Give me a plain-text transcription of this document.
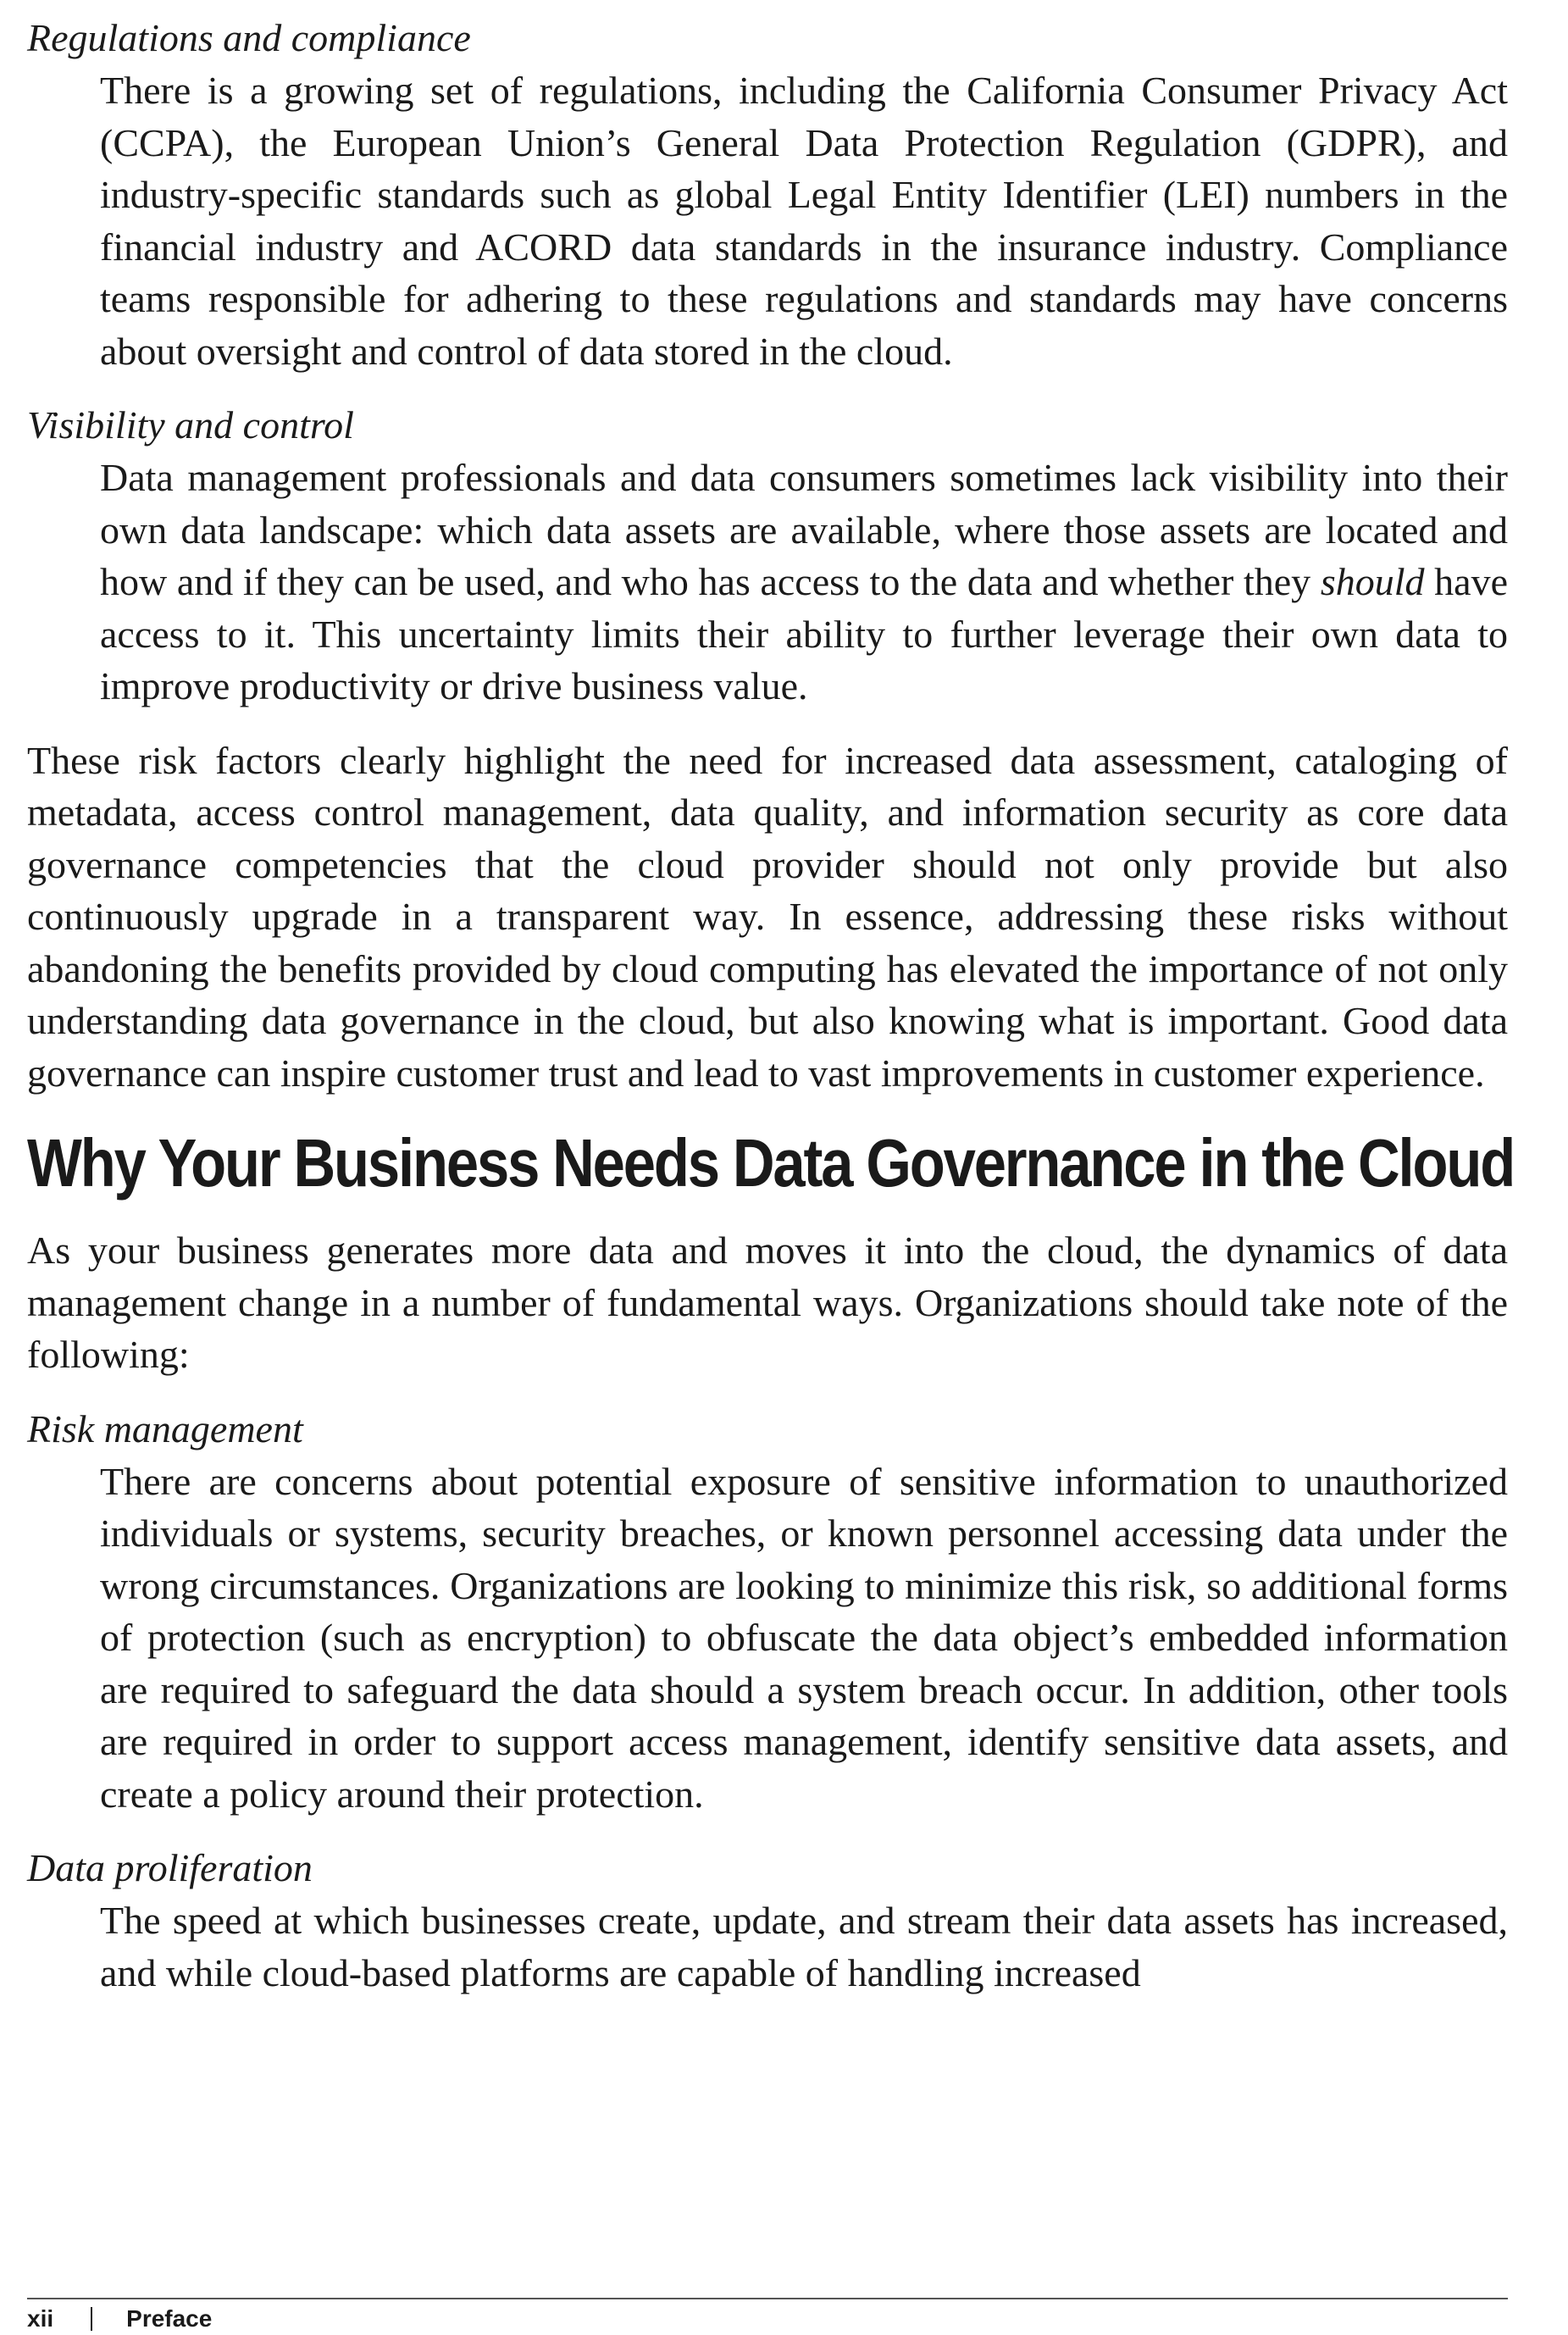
Regulations and compliance

There is a growing set of regulations, including the California Consumer Privacy Act (CCPA), the European Union’s General Data Protection Regulation (GDPR), and industry-specific standards such as global Legal Entity Identifier (LEI) numbers in the financial industry and ACORD data standards in the insurance industry. Compliance teams responsible for adhering to these regulations and standards may have concerns about oversight and control of data stored in the cloud.

Visibility and control

Data management professionals and data consumers sometimes lack visibility into their own data landscape: which data assets are available, where those assets are located and how and if they can be used, and who has access to the data and whether they should have access to it. This uncertainty limits their ability to further leverage their own data to improve productivity or drive business value.

These risk factors clearly highlight the need for increased data assessment, cataloging of metadata, access control management, data quality, and information security as core data governance competencies that the cloud provider should not only provide but also continuously upgrade in a transparent way. In essence, addressing these risks without abandoning the benefits provided by cloud computing has elevated the importance of not only understanding data governance in the cloud, but also knowing what is important. Good data governance can inspire customer trust and lead to vast improvements in customer experience.

Why Your Business Needs Data Governance in the Cloud

As your business generates more data and moves it into the cloud, the dynamics of data management change in a number of fundamental ways. Organizations should take note of the following:

Risk management

There are concerns about potential exposure of sensitive information to unauthorized individuals or systems, security breaches, or known personnel accessing data under the wrong circumstances. Organizations are looking to minimize this risk, so additional forms of protection (such as encryption) to obfuscate the data object’s embedded information are required to safeguard the data should a system breach occur. In addition, other tools are required in order to support access management, identify sensitive data assets, and create a policy around their protection.

Data proliferation

The speed at which businesses create, update, and stream their data assets has increased, and while cloud-based platforms are capable of handling increased

xii	Preface
